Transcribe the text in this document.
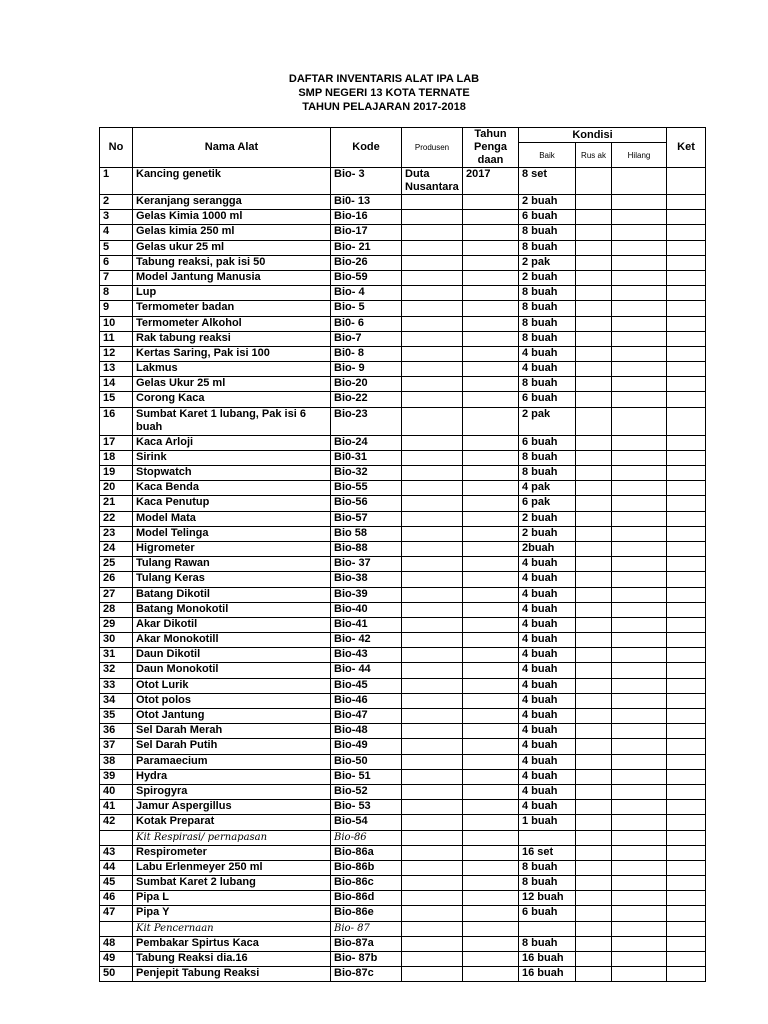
DAFTAR INVENTARIS ALAT IPA LAB
SMP NEGERI 13 KOTA TERNATE
TAHUN PELAJARAN 2017-2018
No	Nama Alat	Kode	Produsen	Tahun Penga daan	Kondisi			Ket
					Baik	Rus ak	Hilang	

1	Kancing genetik	Bio- 3	Duta Nusantara	2017	8 set			
2	Keranjang serangga	Bi0- 13			2 buah			
3	Gelas Kimia 1000 ml	Bio-16			6 buah			
4	Gelas kimia 250 ml	Bio-17			8 buah			
5	Gelas ukur 25 ml	Bio- 21			8 buah			
6	Tabung reaksi, pak isi 50	Bio-26			2 pak			
7	Model Jantung Manusia	Bio-59			2 buah			
8	Lup	Bio- 4			8 buah			
9	Termometer badan	Bio- 5			8 buah			
10	Termometer Alkohol	Bi0- 6			8 buah			
11	Rak tabung reaksi	Bio-7			8 buah			
12	Kertas Saring, Pak isi 100	Bi0- 8			4 buah			
13	Lakmus	Bio- 9			4 buah			
14	Gelas Ukur 25 ml	Bio-20			8 buah			
15	Corong Kaca	Bio-22			6 buah			
16	Sumbat Karet 1 lubang, Pak isi 6 buah	Bio-23			2 pak			
17	Kaca Arloji	Bio-24			6 buah			
18	Sirink	Bi0-31			8 buah			
19	Stopwatch	Bio-32			8 buah			
20	Kaca Benda	Bio-55			4 pak			
21	Kaca Penutup	Bio-56			6 pak			
22	Model Mata	Bio-57			2 buah			
23	Model Telinga	Bio 58			2 buah			
24	Higrometer	Bio-88			2buah			
25	Tulang Rawan	Bio- 37			4 buah			
26	Tulang Keras	Bio-38			4 buah			
27	Batang Dikotil	Bio-39			4 buah			
28	Batang Monokotil	Bio-40			4 buah			
29	Akar Dikotil	Bio-41			4 buah			
30	Akar Monokotill	Bio- 42			4 buah			
31	Daun Dikotil	Bio-43			4 buah			
32	Daun Monokotil	Bio- 44			4 buah			
33	Otot Lurik	Bio-45			4 buah			
34	Otot polos	Bio-46			4 buah			
35	Otot Jantung	Bio-47			4 buah			
36	Sel Darah Merah	Bio-48			4 buah			
37	Sel Darah Putih	Bio-49			4 buah			
38	Paramaecium	Bio-50			4 buah			
39	Hydra	Bio- 51			4 buah			
40	Spirogyra	Bio-52			4 buah			
41	Jamur Aspergillus	Bio- 53			4 buah			
42	Kotak Preparat	Bio-54			1 buah			
	Kit Respirasi/ pernapasan	Bio-86						
43	Respirometer	Bio-86a			16 set			
44	Labu Erlenmeyer 250 ml	Bio-86b			8 buah			
45	Sumbat Karet 2 lubang	Bio-86c			8 buah			
46	Pipa L	Bio-86d			12 buah			
47	Pipa Y	Bio-86e			6 buah			
	Kit Pencernaan	Bio- 87						
48	Pembakar Spirtus Kaca	Bio-87a			8 buah			
49	Tabung Reaksi dia.16	Bio- 87b			16 buah			
50	Penjepit Tabung Reaksi	Bio-87c			16 buah			
